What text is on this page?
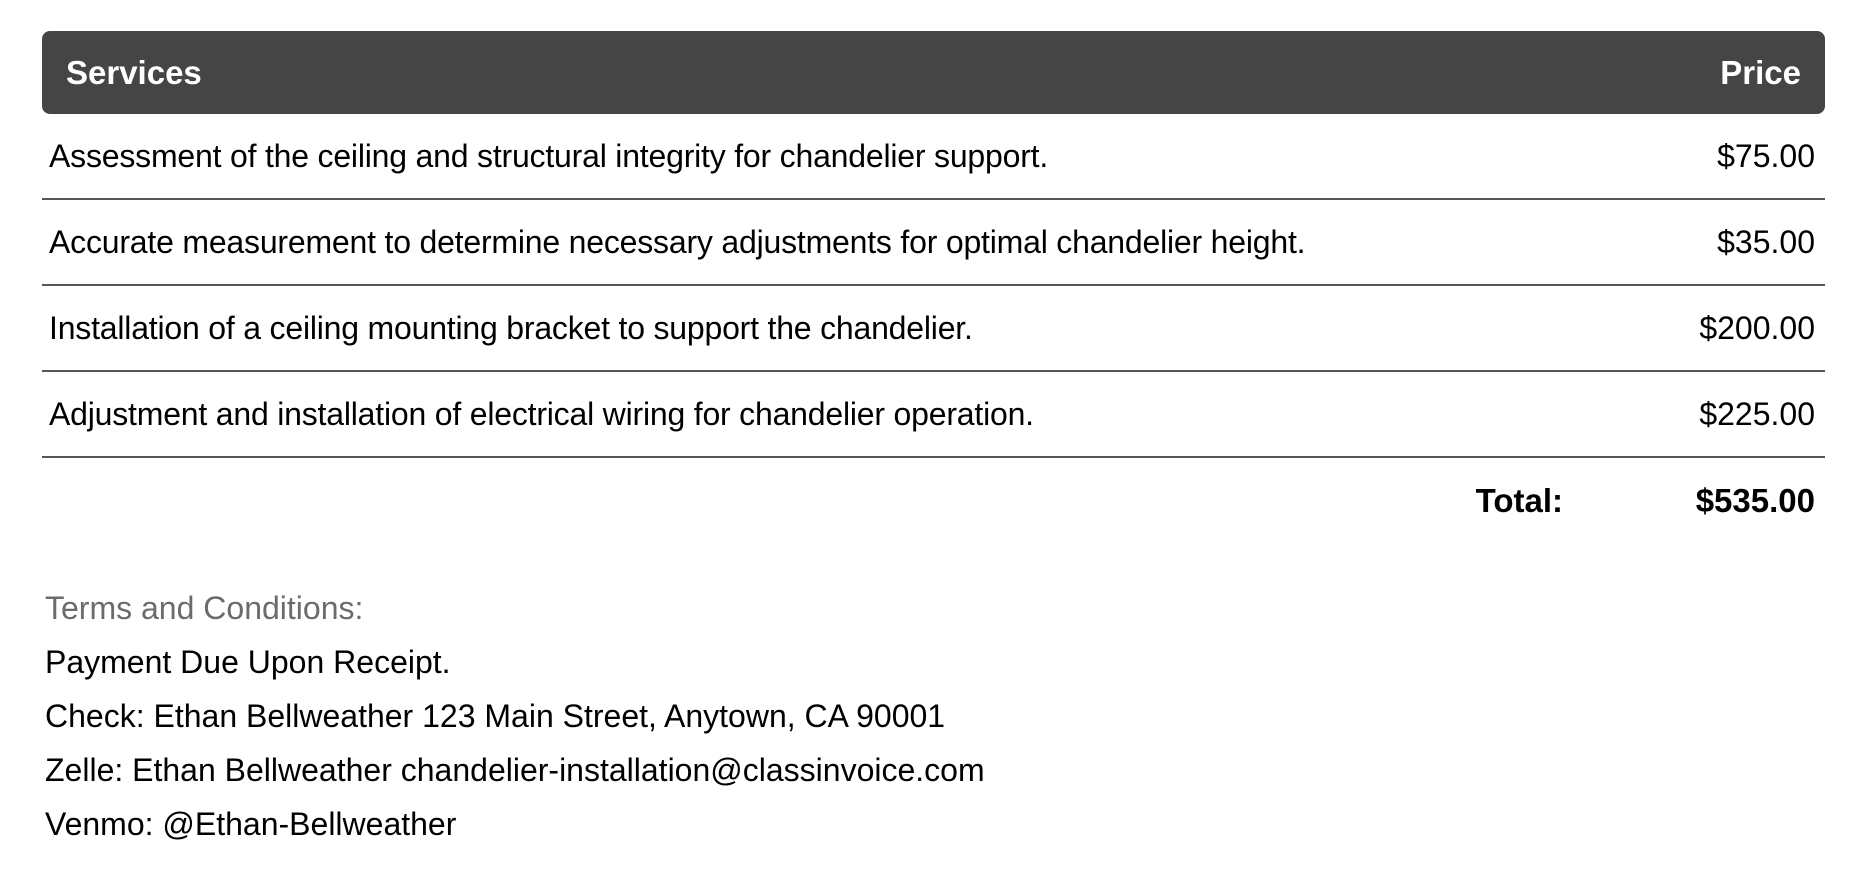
Services	Price
Assessment of the ceiling and structural integrity for chandelier support.	$75.00
Accurate measurement to determine necessary adjustments for optimal chandelier height.	$35.00
Installation of a ceiling mounting bracket to support the chandelier.	$200.00
Adjustment and installation of electrical wiring for chandelier operation.	$225.00
Total:	$535.00
Terms and Conditions:
Payment Due Upon Receipt.
Check: Ethan Bellweather 123 Main Street, Anytown, CA 90001
Zelle: Ethan Bellweather chandelier-installation@classinvoice.com
Venmo: @Ethan-Bellweather
